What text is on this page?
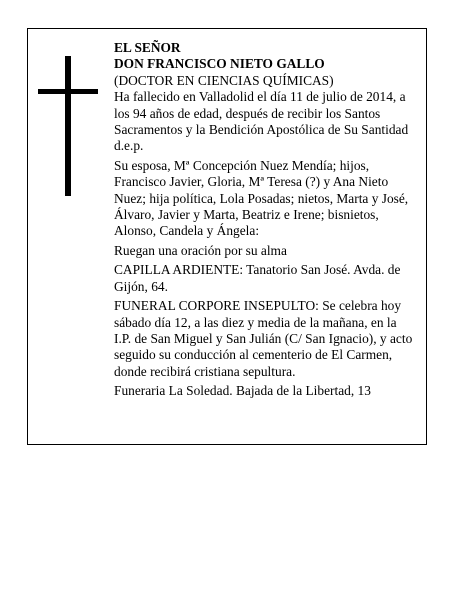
EL SEÑOR
DON FRANCISCO NIETO GALLO
(DOCTOR EN CIENCIAS QUÍMICAS)
Ha fallecido en Valladolid el día 11 de julio de 2014, a
los 94 años de edad, después de recibir los Santos
Sacramentos y la Bendición Apostólica de Su Santidad
d.e.p.
Su esposa, Mª Concepción Nuez Mendía; hijos,
Francisco Javier, Gloria, Mª Teresa (?) y Ana Nieto
Nuez; hija política, Lola Posadas; nietos, Marta y José,
Álvaro, Javier y Marta, Beatriz e Irene; bisnietos,
Alonso, Candela y Ángela:
Ruegan una oración por su alma
CAPILLA ARDIENTE: Tanatorio San José. Avda. de
Gijón, 64.
FUNERAL CORPORE INSEPULTO: Se celebra hoy
sábado día 12, a las diez y media de la mañana, en la
I.P. de San Miguel y San Julián (C/ San Ignacio), y acto
seguido su conducción al cementerio de El Carmen,
donde recibirá cristiana sepultura.
Funeraria La Soledad. Bajada de la Libertad, 13
